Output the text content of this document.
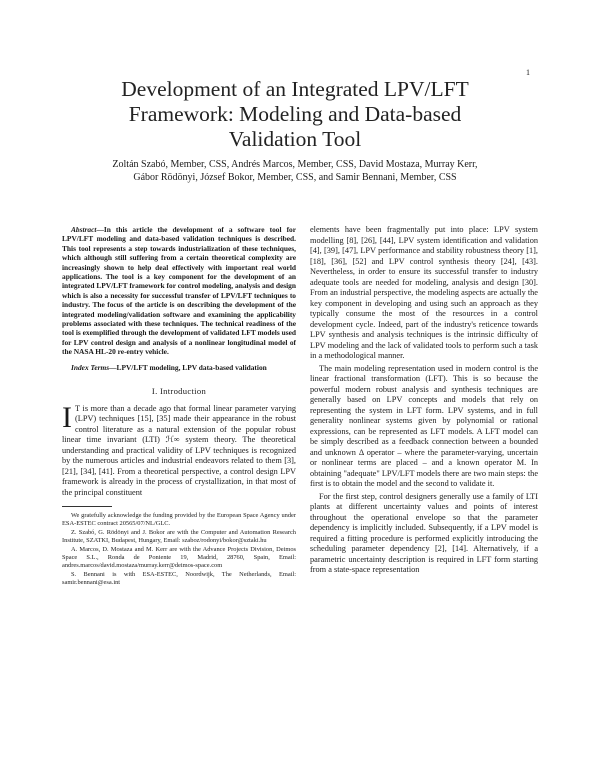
1
Development of an Integrated LPV/LFT
Framework: Modeling and Data-based
Validation Tool
Zoltán Szabó, Member, CSS, Andrés Marcos, Member, CSS, David Mostaza, Murray Kerr,
Gábor Rödönyi, József Bokor, Member, CSS, and Samir Bennani, Member, CSS

Abstract—In this article the development of a software tool for LPV/LFT modeling and data-based validation techniques is described. This tool represents a step towards industrialization of these techniques, which although still suffering from a certain theoretical complexity are increasingly shown to help deal effectively with important real world applications. The tool is a key component for the development of an integrated LPV/LFT framework for control modeling, analysis and design which is also a necessity for successful transfer of LPV/LFT techniques to industry. The focus of the article is on describing the development of the integrated modeling/validation software and examining the applicability problems associated with these techniques. The technical readiness of the tool is exemplified through the development of validated LFT models used for LPV control design and analysis of a nonlinear longitudinal model of the NASA HL-20 re-entry vehicle.

Index Terms—LPV/LFT modeling, LPV data-based validation

I. Introduction

I T is more than a decade ago that formal linear parameter varying (LPV) techniques [15], [35] made their appearance in the robust control literature as a natural extension of the popular robust linear time invariant (LTI) ℋ∞ system theory. The theoretical understanding and practical validity of LPV techniques is recognized by the numerous articles and industrial endeavors related to them [3], [21], [34], [41]. From a theoretical perspective, a control design LPV framework is already in the process of crystallization, in that most of the principal constituent

We gratefully acknowledge the funding provided by the European Space Agency under ESA-ESTEC contract 20565/07/NL/GLC.

Z. Szabó, G. Rödönyi and J. Bokor are with the Computer and Automation Research Institute, SZATKI, Budapest, Hungary, Email: szaboz/rodonyi/bokor@sztaki.hu

A. Marcos, D. Mostaza and M. Kerr are with the Advance Projects Division, Deimos Space S.L., Ronda de Poniente 19, Madrid, 28760, Spain, Email: andres.marcos/david.mostaza/murray.kerr@deimos-space.com

S. Bennani is with ESA-ESTEC, Noordwijk, The Netherlands, Email: samir.bennani@esa.int

elements have been fragmentally put into place: LPV system modelling [8], [26], [44], LPV system identification and validation [4], [39], [47], LPV performance and stability robustness theory [1], [18], [36], [52] and LPV control synthesis theory [24], [43]. Nevertheless, in order to ensure its successful transfer to industry adequate tools are needed for modeling, analysis and design [30]. From an industrial perspective, the modeling aspects are actually the key component in developing and using such an approach as they typically consume the most of the resources in a control development cycle. Indeed, part of the industry's reticence towards LPV synthesis and analysis techniques is the intrinsic difficulty of LPV modeling and the lack of validated tools to perform such a task in a methodological manner.

The main modeling representation used in modern control is the linear fractional transformation (LFT). This is so because the powerful modern robust analysis and synthesis techniques are generally based on LPV concepts and models that rely on representing the system in LFT form. LPV systems, and in full generality nonlinear systems given by polynomial or rational expressions, can be represented as LFT models. A LFT model can be simply described as a feedback connection between a bounded and unknown Δ operator – where the parameter-varying, uncertain or nonlinear terms are placed – and a known operator M. In obtaining "adequate" LPV/LFT models there are two main steps: the first is to obtain the model and the second to validate it.

For the first step, control designers generally use a family of LTI plants at different uncertainty values and points of interest throughout the operational envelope so that the parameter dependency is implicitly included. Subsequently, if a LPV model is required a fitting procedure is performed explicitly introducing the scheduling parameter dependency [2], [14]. Alternatively, if a parametric uncertainty description is required in LFT form starting from a state-space representation
